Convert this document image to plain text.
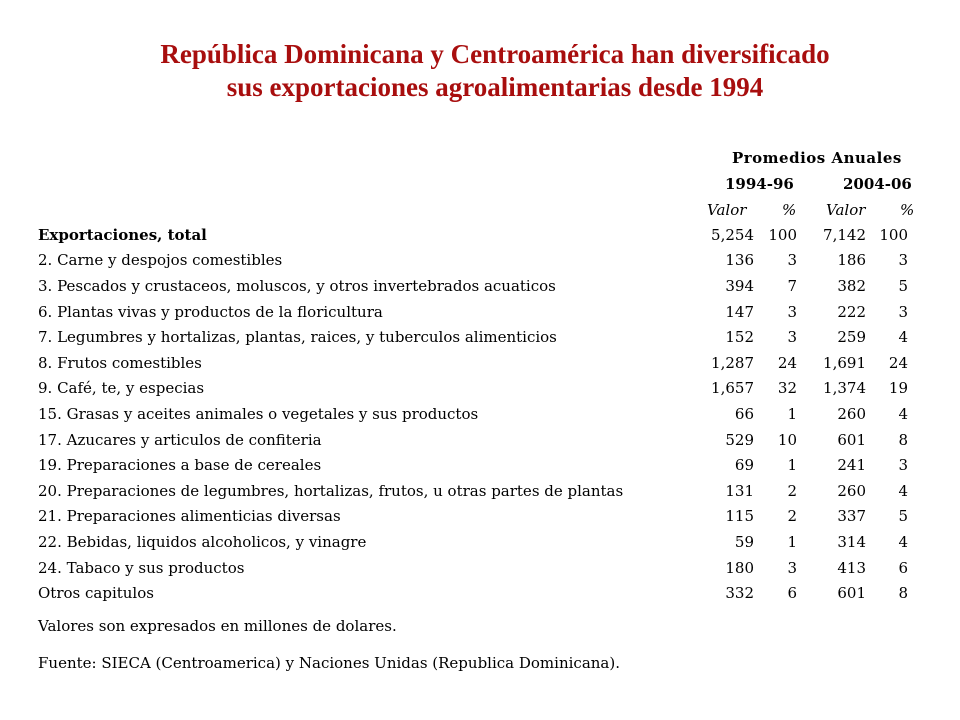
República Dominicana y Centroamérica han diversificado
sus exportaciones agroalimentarias desde 1994
Promedios Anuales
1994-96	2004-06
Valor % Valor %
Exportaciones, total	5,254	100	7,142	100
2. Carne y despojos comestibles	136	3	186	3
3. Pescados y crustaceos, moluscos, y otros invertebrados acuaticos	394	7	382	5
6. Plantas vivas y productos de la floricultura	147	3	222	3
7. Legumbres y hortalizas, plantas, raices, y tuberculos alimenticios	152	3	259	4
8. Frutos comestibles	1,287	24	1,691	24
9. Café, te, y especias	1,657	32	1,374	19
15. Grasas y aceites animales o vegetales y sus productos	66	1	260	4
17. Azucares y articulos de confiteria	529	10	601	8
19. Preparaciones a base de cereales	69	1	241	3
20. Preparaciones de legumbres, hortalizas, frutos, u otras partes de plantas	131	2	260	4
21. Preparaciones alimenticias diversas	115	2	337	5
22. Bebidas, liquidos alcoholicos, y vinagre	59	1	314	4
24. Tabaco y sus productos	180	3	413	6
Otros capitulos	332	6	601	8
Valores son expresados en millones de dolares.
Fuente: SIECA (Centroamerica) y Naciones Unidas (Republica Dominicana).
